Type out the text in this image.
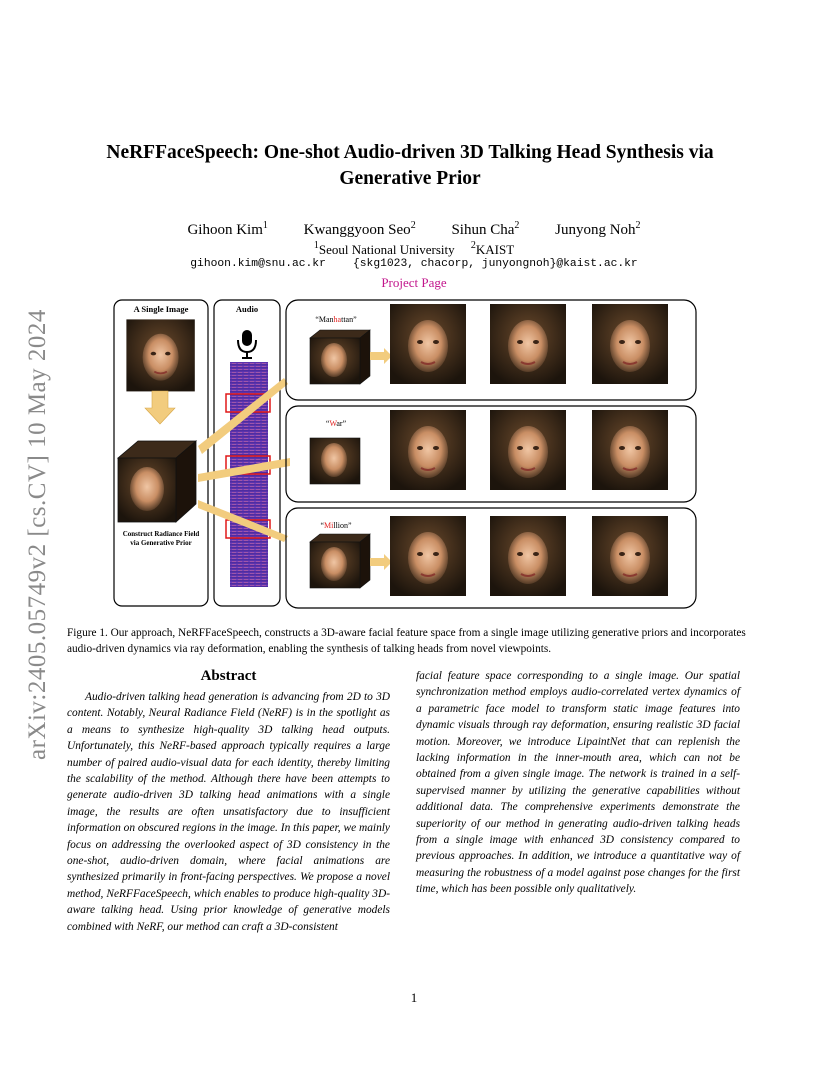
arXiv:2405.05749v2 [cs.CV] 10 May 2024
NeRFFaceSpeech: One-shot Audio-driven 3D Talking Head Synthesis via
Generative Prior
Gihoon Kim$^1$ Kwanggyoon Seo$^2$ Sihun Cha$^2$ Junyong Noh$^2$
$^1$Seoul National University $^2$KAIST
gihoon.kim@snu.ac.kr    {skg1023, chacorp, junyongnoh}@kaist.ac.kr
Project Page
A Single Image
Construct Radiance Field
via Generative Prior
Audio
“Manhattan”
“War”
“Million”
Figure 1. Our approach, NeRFFaceSpeech, constructs a 3D-aware facial feature space from a single image utilizing generative priors and incorporates audio-driven dynamics via ray deformation, enabling the synthesis of talking heads from novel viewpoints.
Abstract

Audio-driven talking head generation is advancing from 2D to 3D content. Notably, Neural Radiance Field (NeRF) is in the spotlight as a means to synthesize high-quality 3D talking head outputs. Unfortunately, this NeRF-based approach typically requires a large number of paired audio-visual data for each identity, thereby limiting the scalability of the method. Although there have been attempts to generate audio-driven 3D talking head animations with a single image, the results are often unsatisfactory due to insufficient information on obscured regions in the image. In this paper, we mainly focus on addressing the overlooked aspect of 3D consistency in the one-shot, audio-driven domain, where facial animations are synthesized primarily in front-facing perspectives. We propose a novel method, NeRFFaceSpeech, which enables to produce high-quality 3D-aware talking head. Using prior knowledge of generative models combined with NeRF, our method can craft a 3D-consistent

facial feature space corresponding to a single image. Our spatial synchronization method employs audio-correlated vertex dynamics of a parametric face model to transform static image features into dynamic visuals through ray deformation, ensuring realistic 3D facial motion. Moreover, we introduce LipaintNet that can replenish the lacking information in the inner-mouth area, which can not be obtained from a given single image. The network is trained in a self-supervised manner by utilizing the generative capabilities without additional data. The comprehensive experiments demonstrate the superiority of our method in generating audio-driven talking heads from a single image with enhanced 3D consistency compared to previous approaches. In addition, we introduce a quantitative way of measuring the robustness of a model against pose changes for the first time, which has been possible only qualitatively.

1
